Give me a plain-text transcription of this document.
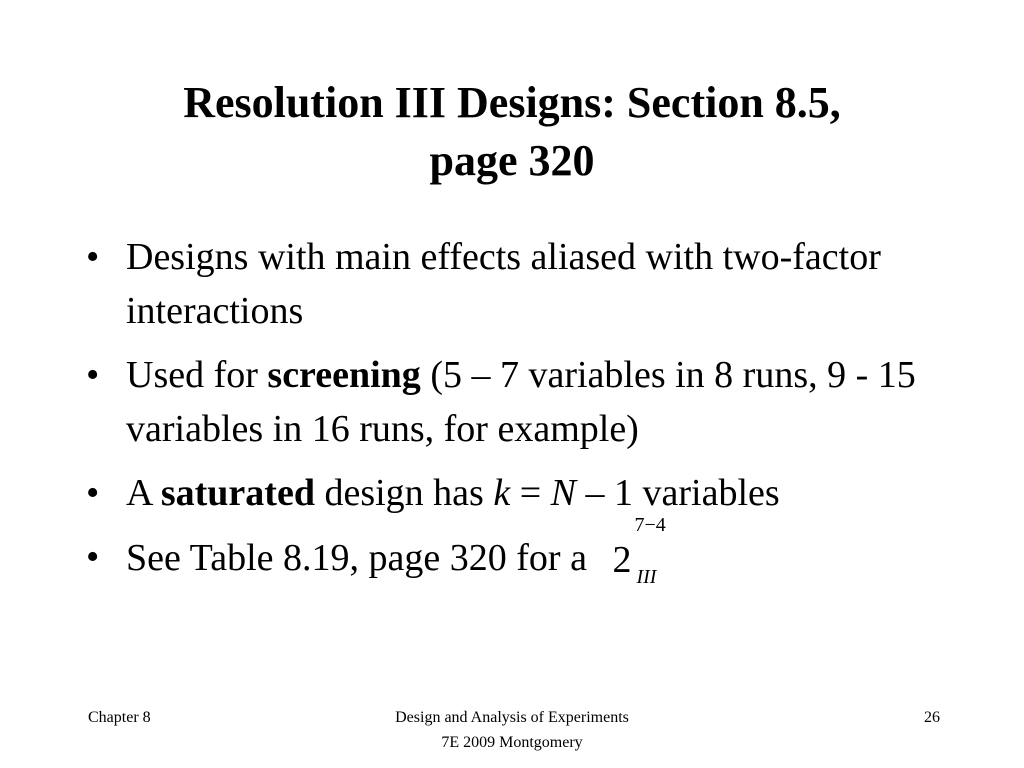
Resolution III Designs: Section 8.5,
page 320
• Designs with main effects aliased with two-factor interactions
• Used for screening (5 – 7 variables in 8 runs, 9 - 15 variables in 16 runs, for example)
• A saturated design has k = N – 1 variables
• See Table 8.19, page 320 for a 2
7−4
III
Chapter 8	Design and Analysis of Experiments
7E 2009 Montgomery
26
